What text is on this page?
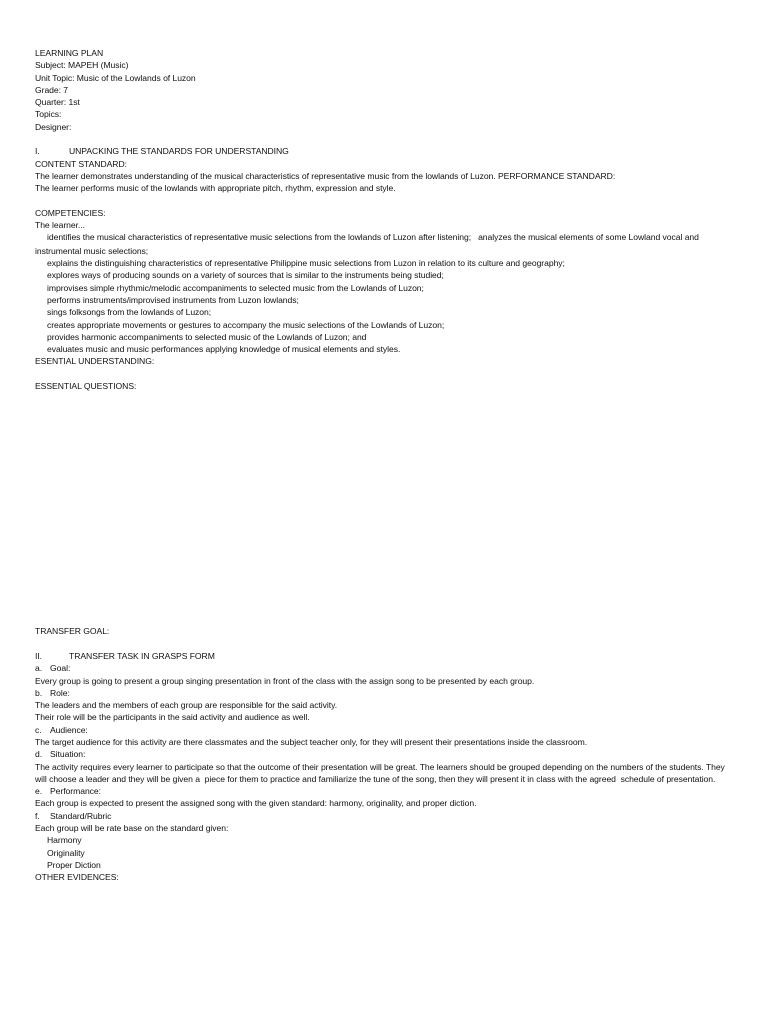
LEARNING PLAN
Subject: MAPEH (Music)
Unit Topic: Music of the Lowlands of Luzon
Grade: 7
Quarter: 1st
Topics:
Designer:
I.	UNPACKING THE STANDARDS FOR UNDERSTANDING
CONTENT STANDARD:
The learner demonstrates understanding of the musical characteristics of representative music from the lowlands of Luzon. PERFORMANCE STANDARD:
The learner performs music of the lowlands with appropriate pitch, rhythm, expression and style.
COMPETENCIES:
The learner...
identifies the musical characteristics of representative music selections from the lowlands of Luzon after listening; analyzes the musical elements of some Lowland vocal and instrumental music selections;
explains the distinguishing characteristics of representative Philippine music selections from Luzon in relation to its culture and geography;
explores ways of producing sounds on a variety of sources that is similar to the instruments being studied;
improvises simple rhythmic/melodic accompaniments to selected music from the Lowlands of Luzon;
performs instruments/improvised instruments from Luzon lowlands;
sings folksongs from the lowlands of Luzon;
creates appropriate movements or gestures to accompany the music selections of the Lowlands of Luzon;
provides harmonic accompaniments to selected music of the Lowlands of Luzon; and
evaluates music and music performances applying knowledge of musical elements and styles.
ESENTIAL UNDERSTANDING:
ESSENTIAL QUESTIONS:
TRANSFER GOAL:
II.	TRANSFER TASK IN GRASPS FORM
a. Goal:
Every group is going to present a group singing presentation in front of the class with the assign song to be presented by each group.
b. Role:
The leaders and the members of each group are responsible for the said activity.
Their role will be the participants in the said activity and audience as well.
c. Audience:
The target audience for this activity are there classmates and the subject teacher only, for they will present their presentations inside the classroom.
d. Situation:
The activity requires every learner to participate so that the outcome of their presentation will be great. The learners should be grouped depending on the numbers of the students. They will choose a leader and they will be given a  piece for them to practice and familiarize the tune of the song, then they will present it in class with the agreed  schedule of presentation.
e. Performance:
Each group is expected to present the assigned song with the given standard: harmony, originality, and proper diction.
f. Standard/Rubric
Each group will be rate base on the standard given:
Harmony
Originality
Proper Diction
OTHER EVIDENCES:
